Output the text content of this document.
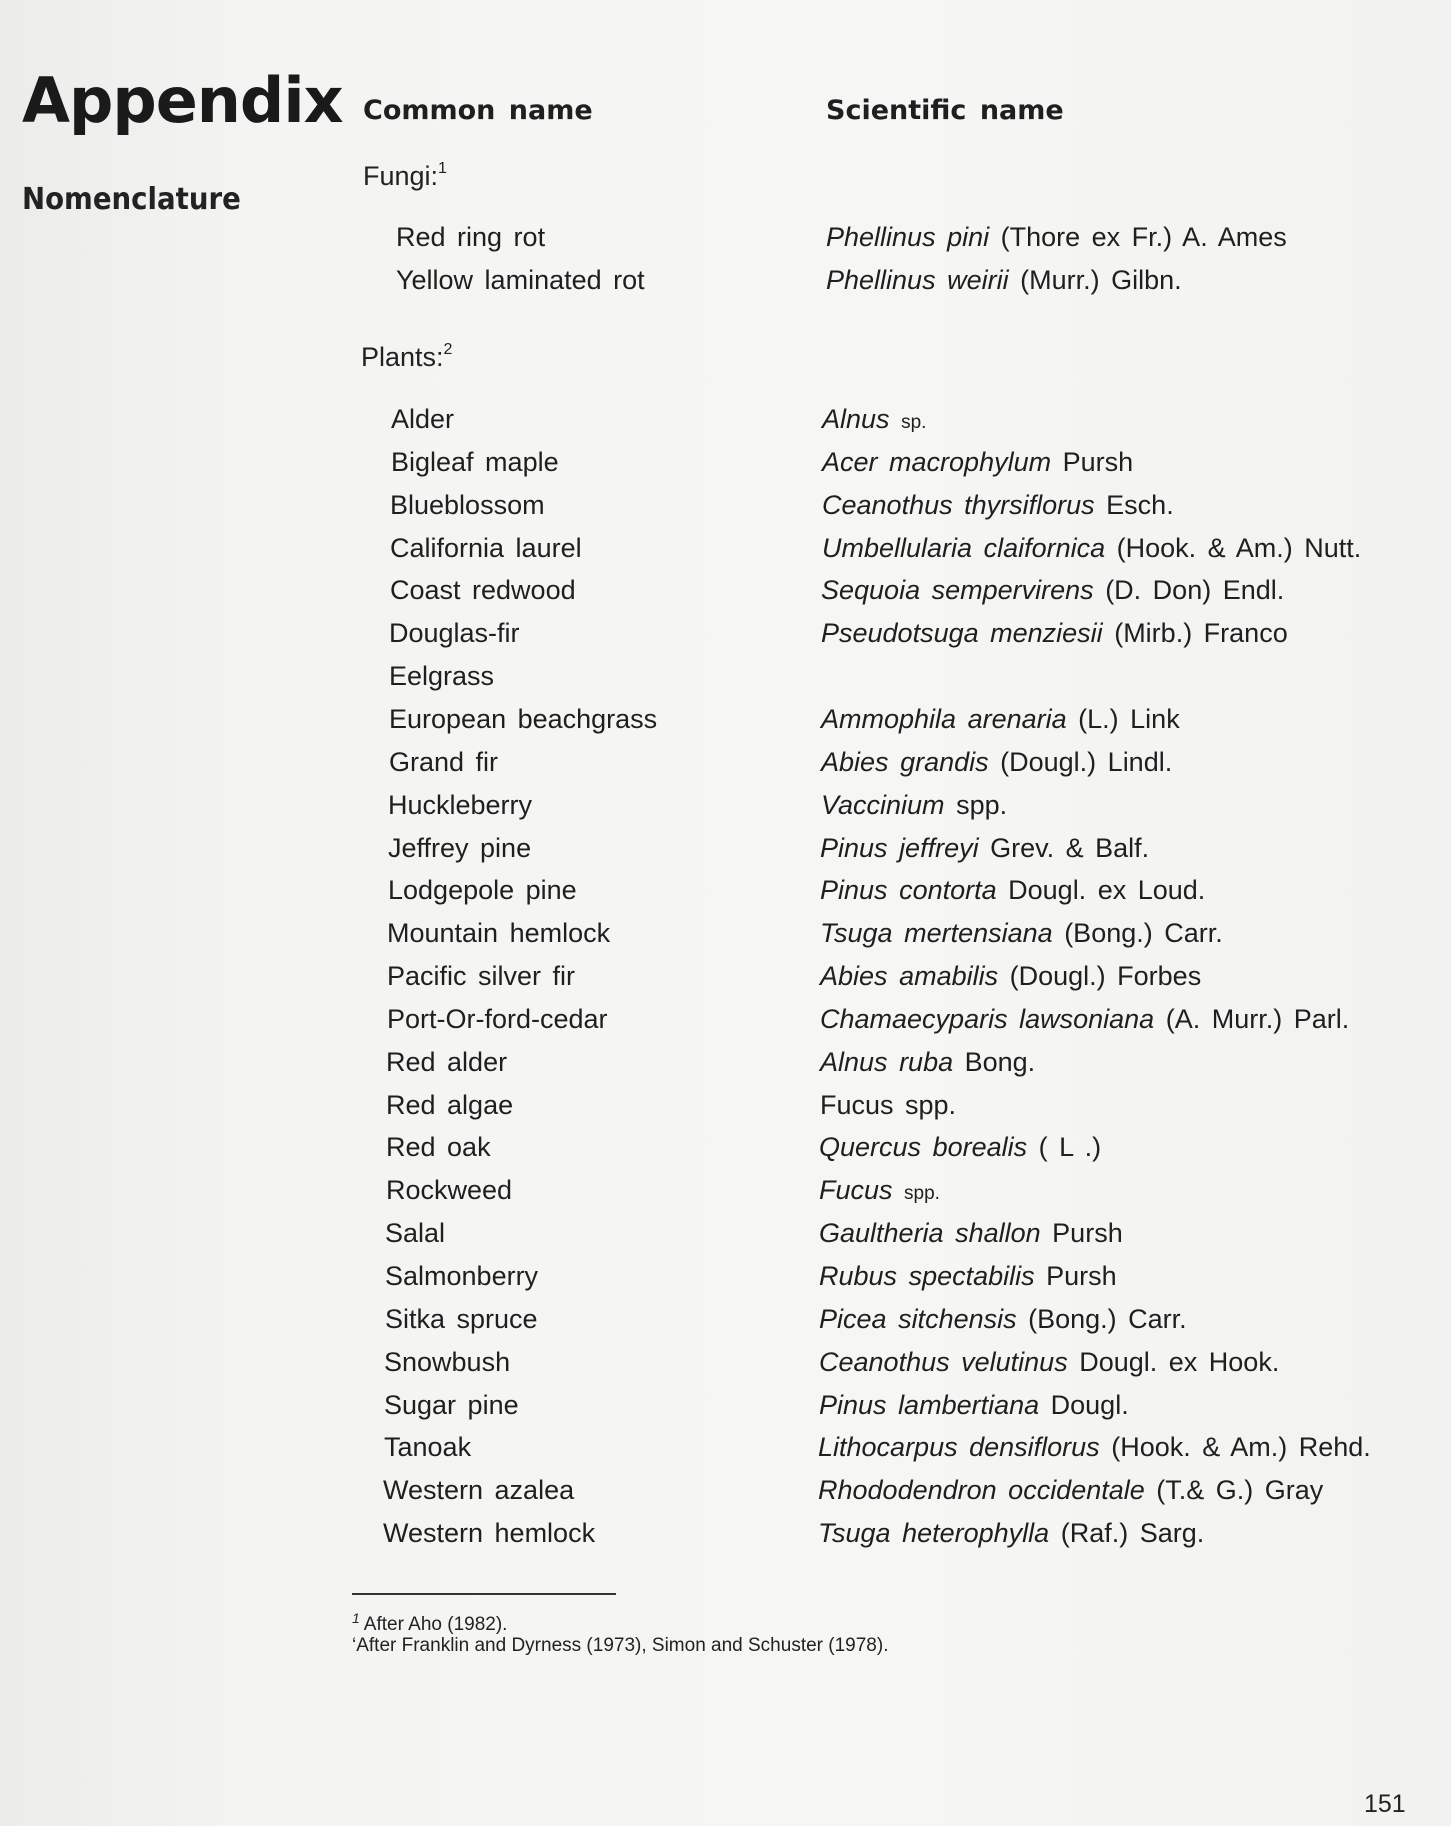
Appendix
Nomenclature
Common name	Scientific name
Fungi:$^1$
Plants:$^2$
Red ring rot	Phellinus pini (Thore ex Fr.) A. Ames
Yellow laminated rot	Phellinus weirii (Murr.) Gilbn.
Alder	Alnus sp.
Bigleaf maple	Acer macrophylum Pursh
Blueblossom	Ceanothus thyrsiflorus Esch.
California laurel	Umbellularia claifornica (Hook. & Am.) Nutt.
Coast redwood	Sequoia sempervirens (D. Don) Endl.
Douglas-fir	Pseudotsuga menziesii (Mirb.) Franco
Eelgrass
European beachgrass	Ammophila arenaria (L.) Link
Grand fir	Abies grandis (Dougl.) Lindl.
Huckleberry	Vaccinium spp.
Jeffrey pine	Pinus jeffreyi Grev. & Balf.
Lodgepole pine	Pinus contorta Dougl. ex Loud.
Mountain hemlock	Tsuga mertensiana (Bong.) Carr.
Pacific silver fir	Abies amabilis (Dougl.) Forbes
Port-Or-ford-cedar	Chamaecyparis lawsoniana (A. Murr.) Parl.
Red alder	Alnus ruba Bong.
Red algae	Fucus spp.
Red oak	Quercus borealis ( L .)
Rockweed	Fucus spp.
Salal	Gaultheria shallon Pursh
Salmonberry	Rubus spectabilis Pursh
Sitka spruce	Picea sitchensis (Bong.) Carr.
Snowbush	Ceanothus velutinus Dougl. ex Hook.
Sugar pine	Pinus lambertiana Dougl.
Tanoak	Lithocarpus densiflorus (Hook. & Am.) Rehd.
Western azalea	Rhododendron occidentale (T.& G.) Gray
Western hemlock	Tsuga heterophylla (Raf.) Sarg.
$^1$ After Aho (1982).
‘After Franklin and Dyrness (1973), Simon and Schuster (1978).
151
